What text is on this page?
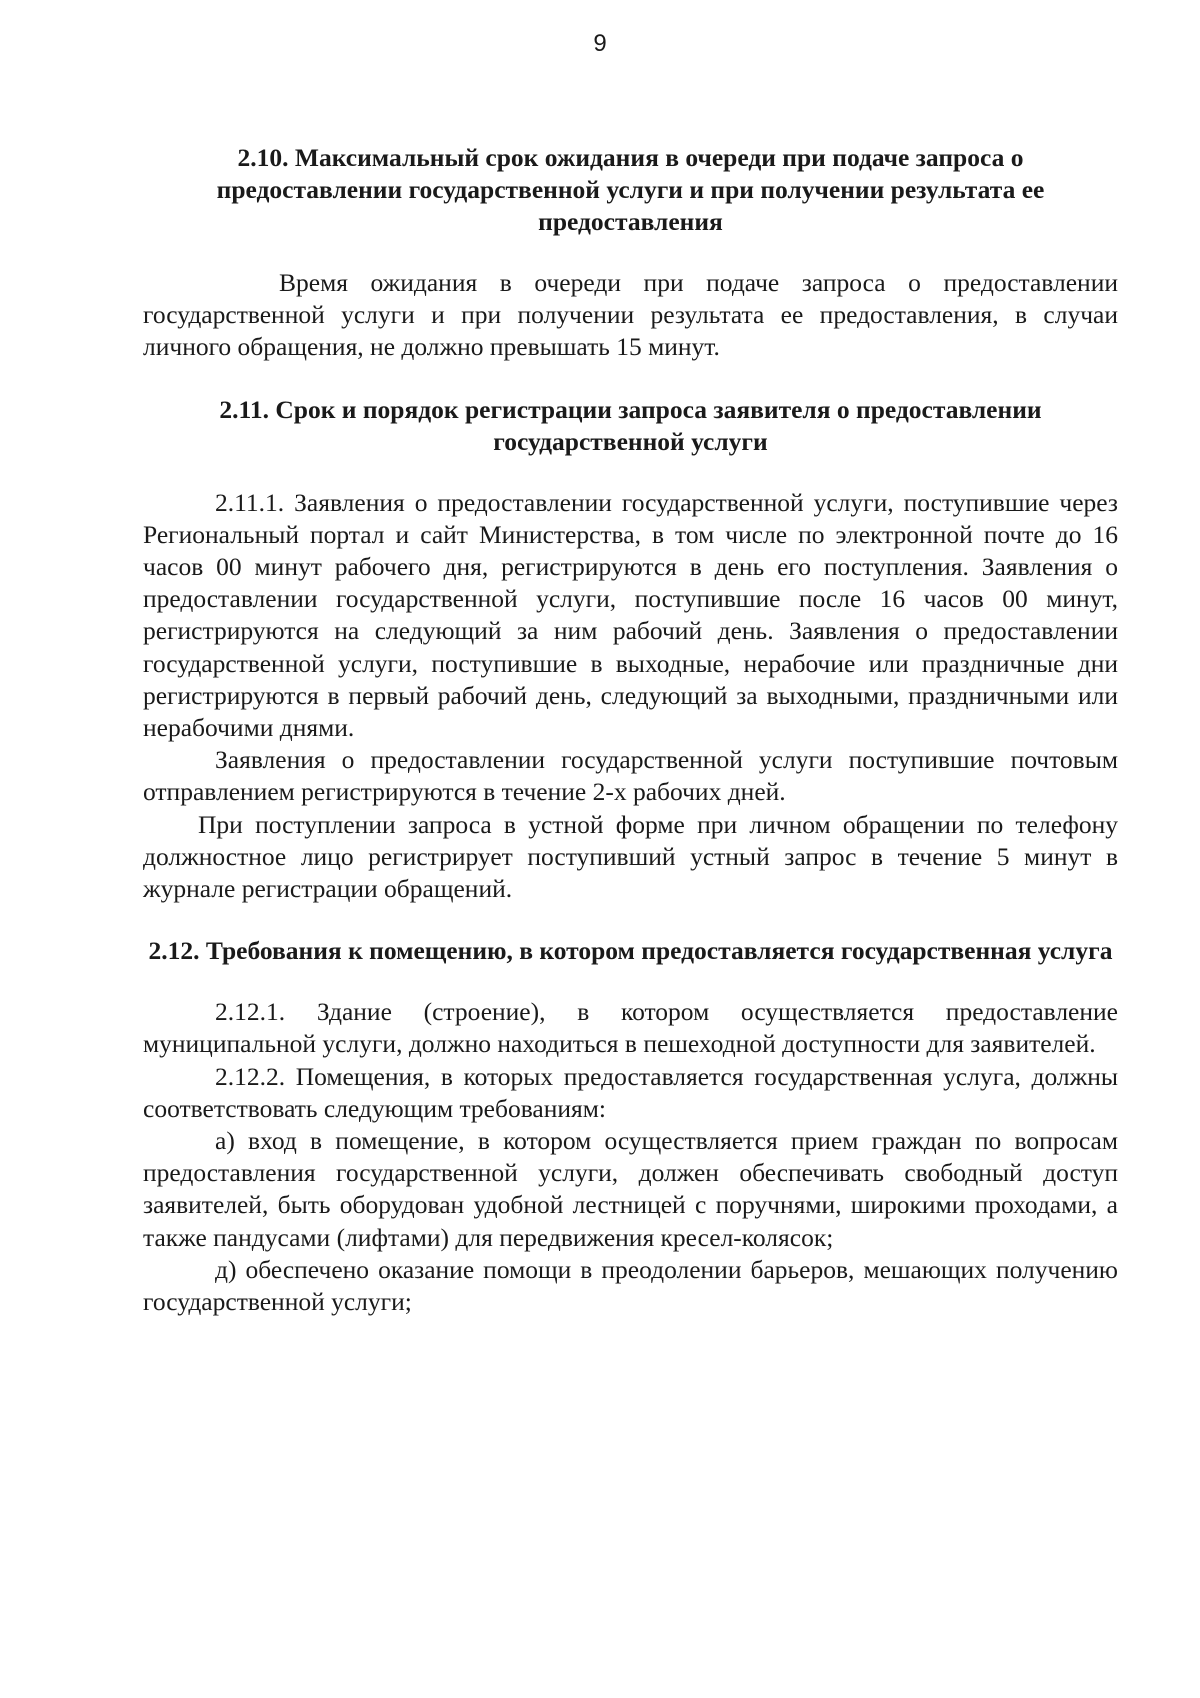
9
2.10. Максимальный срок ожидания в очереди при подаче запроса о предоставлении государственной услуги и при получении результата ее предоставления

Время ожидания в очереди при подаче запроса о предоставлении государственной услуги и при получении результата ее предоставления, в случаи личного обращения, не должно превышать 15 минут.

2.11. Срок и порядок регистрации запроса заявителя о предоставлении государственной услуги

2.11.1. Заявления о предоставлении государственной услуги, поступившие через Региональный портал и сайт Министерства, в том числе по электронной почте до 16 часов 00 минут рабочего дня, регистрируются в день его поступления. Заявления о предоставлении государственной услуги, поступившие после 16 часов 00 минут, регистрируются на следующий за ним рабочий день. Заявления о предоставлении государственной услуги, поступившие в выходные, нерабочие или праздничные дни регистрируются в первый рабочий день, следующий за выходными, праздничными или нерабочими днями.

Заявления о предоставлении государственной услуги поступившие почтовым отправлением регистрируются в течение 2-х рабочих дней.

При поступлении запроса в устной форме при личном обращении по телефону должностное лицо регистрирует поступивший устный запрос в течение 5 минут в журнале регистрации обращений.

2.12. Требования к помещению, в котором предоставляется государственная услуга

2.12.1. Здание (строение), в котором осуществляется предоставление муниципальной услуги, должно находиться в пешеходной доступности для заявителей.

2.12.2. Помещения, в которых предоставляется государственная услуга, должны соответствовать следующим требованиям:

а) вход в помещение, в котором осуществляется прием граждан по вопросам предоставления государственной услуги, должен обеспечивать свободный доступ заявителей, быть оборудован удобной лестницей с поручнями, широкими проходами, а также пандусами (лифтами) для передвижения кресел-колясок;

д) обеспечено оказание помощи в преодолении барьеров, мешающих получению государственной услуги;
